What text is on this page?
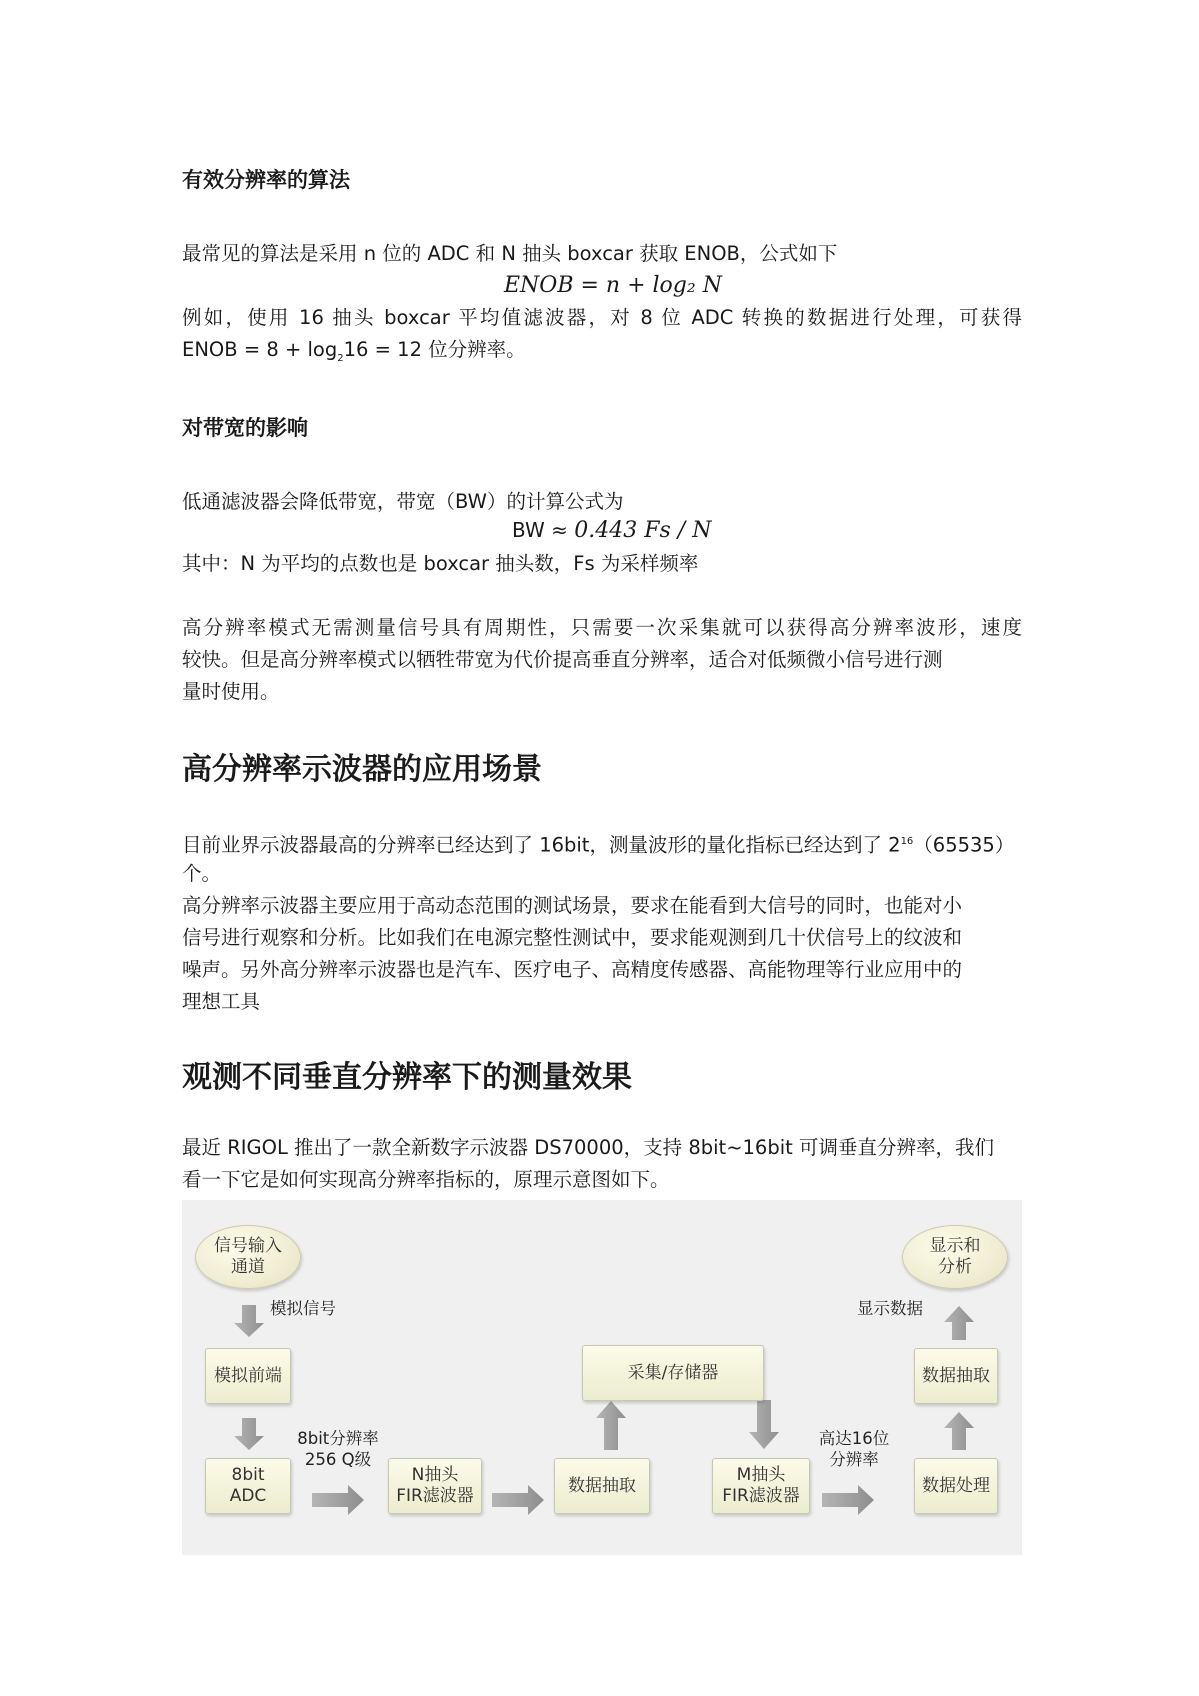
有效分辨率的算法
最常见的算法是采用 n 位的 ADC 和 N 抽头 boxcar 获取 ENOB，公式如下
ENOB = n + log₂ N
例如，使用 16 抽头 boxcar 平均值滤波器，对 8 位 ADC 转换的数据进行处理，可获得
ENOB = $8 + \log_216 = 12$ 位分辨率。
对带宽的影响
低通滤波器会降低带宽，带宽（BW）的计算公式为
BW ≈ 0.443 Fs / N
其中：N 为平均的点数也是 boxcar 抽头数，Fs 为采样频率
高分辨率模式无需测量信号具有周期性，只需要一次采集就可以获得高分辨率波形，速度
较快。但是高分辨率模式以牺牲带宽为代价提高垂直分辨率，适合对低频微小信号进行测
量时使用。
高分辨率示波器的应用场景
目前业界示波器最高的分辨率已经达到了 16bit，测量波形的量化指标已经达到了 $2^{16}(65535)$
个。
高分辨率示波器主要应用于高动态范围的测试场景，要求在能看到大信号的同时，也能对小
信号进行观察和分析。比如我们在电源完整性测试中，要求能观测到几十伏信号上的纹波和
噪声。另外高分辨率示波器也是汽车、医疗电子、高精度传感器、高能物理等行业应用中的
理想工具
观测不同垂直分辨率下的测量效果
最近 RIGOL 推出了一款全新数字示波器 DS70000，支持 8bit~16bit 可调垂直分辨率，我们
看一下它是如何实现高分辨率指标的，原理示意图如下。
信号输入
通道
模拟信号
模拟前端
8bit分辨率
256 Q级
8bit
ADC
N抽头
FIR滤波器
数据抽取
采集/存储器
M抽头
FIR滤波器
高达16位
分辨率
数据处理
数据抽取
显示数据
显示和
分析
